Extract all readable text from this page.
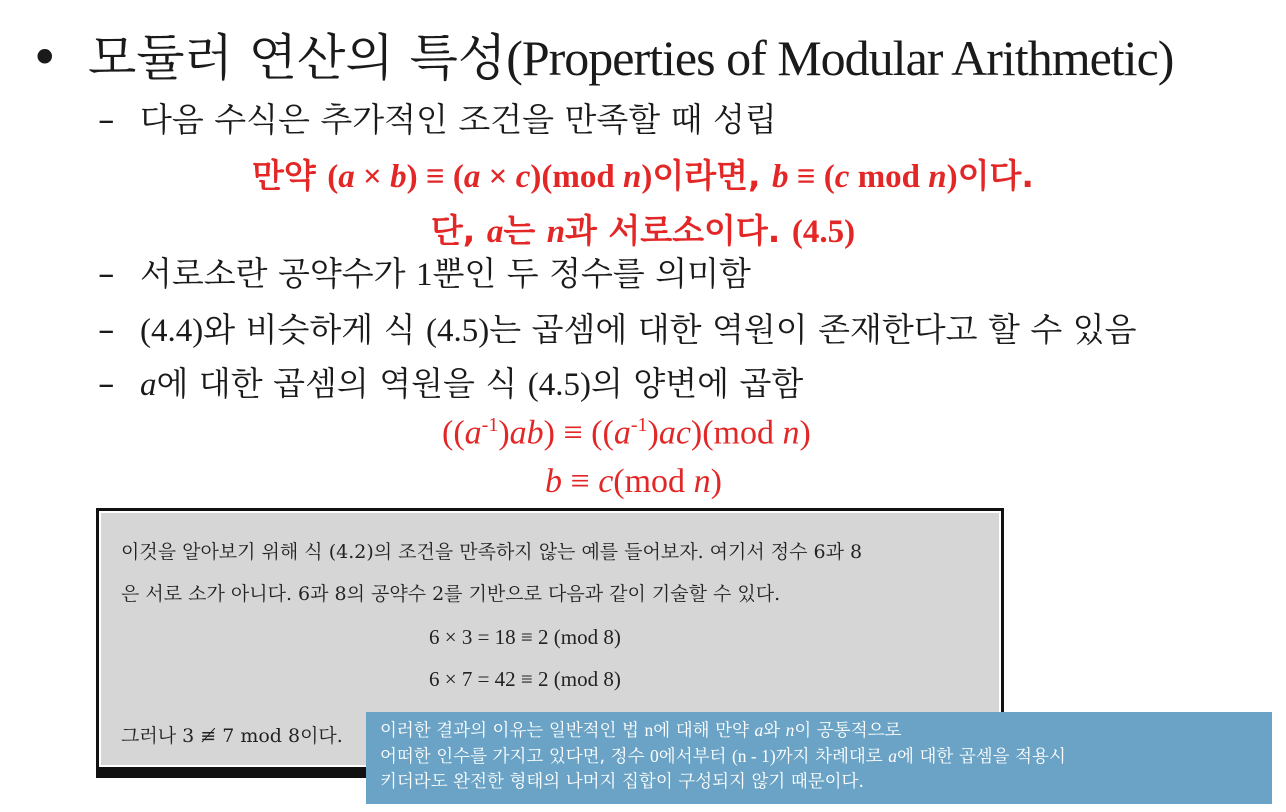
• 모듈러 연산의 특성(Properties of Modular Arithmetic)
– 다음 수식은 추가적인 조건을 만족할 때 성립
만약 (a × b) ≡ (a × c)(mod n)이라면, b ≡ (c mod n)이다.
단, a는 n과 서로소이다. (4.5)
– 서로소란 공약수가 1뿐인 두 정수를 의미함
– (4.4)와 비슷하게 식 (4.5)는 곱셈에 대한 역원이 존재한다고 할 수 있음
– a에 대한 곱셈의 역원을 식 (4.5)의 양변에 곱함
$((a^{-1})ab) \equiv ((a^{-1})ac)(mod$ n)
b ≡ c(mod n)

이것을 알아보기 위해 식 (4.2)의 조건을 만족하지 않는 예를 들어보자. 여기서 정수 6과 8

은 서로 소가 아니다. 6과 8의 공약수 2를 기반으로 다음과 같이 기술할 수 있다.

6 × 3 = 18 ≡ 2 (mod 8)
6 × 7 = 42 ≡ 2 (mod 8)

그러나 3 ≢ 7 mod 8이다. 이러한 결과의 이유는 일반적인 법 n에 대해 만약 a와 n이 공통적으로
어떠한 인수를 가지고 있다면, 정수 0에서부터 (n - 1)까지 차례대로 a에 대한 곱셈을 적용시
키더라도 완전한 형태의 나머지 집합이 구성되지 않기 때문이다.
